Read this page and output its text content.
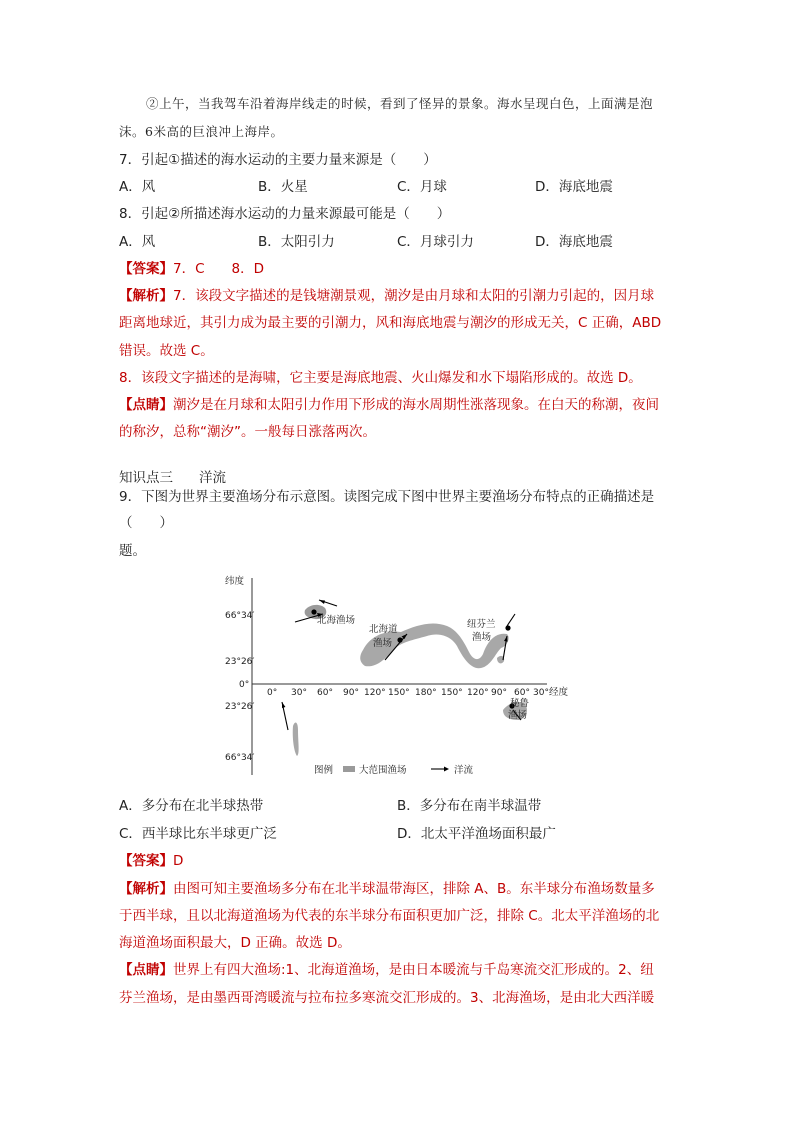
②上午，当我驾车沿着海岸线走的时候，看到了怪异的景象。海水呈现白色，上面满是泡
沫。6米高的巨浪冲上海岸。
7．引起①描述的海水运动的主要力量来源是（　　）
A．风	B．火星	C．月球	D．海底地震
8．引起②所描述海水运动的力量来源最可能是（　　）
A．风	B．太阳引力	C．月球引力	D．海底地震
【答案】7．C　　8．D
【解析】7．该段文字描述的是钱塘潮景观，潮汐是由月球和太阳的引潮力引起的，因月球
距离地球近，其引力成为最主要的引潮力，风和海底地震与潮汐的形成无关，C 正确，ABD
错误。故选 C。
8．该段文字描述的是海啸，它主要是海底地震、火山爆发和水下塌陷形成的。故选 D。
【点睛】潮汐是在月球和太阳引力作用下形成的海水周期性涨落现象。在白天的称潮，夜间
的称汐，总称“潮汐”。一般每日涨落两次。
知识点三 洋流
9．下图为世界主要渔场分布示意图。读图完成下图中世界主要渔场分布特点的正确描述是
（　　）
题。
纬度
经度
66°34′
23°26′
0°
23°26′
66°34′
0° 30° 60° 90° 120° 150° 180° 150° 120° 90° 60° 30°
北海渔场
北海道
渔场
纽芬兰
渔场
秘鲁
渔场
图例	大范围渔场	洋流
A．多分布在北半球热带	B．多分布在南半球温带
C．西半球比东半球更广泛	D．北太平洋渔场面积最广
【答案】D
【解析】由图可知主要渔场多分布在北半球温带海区，排除 A、B。东半球分布渔场数量多
于西半球，且以北海道渔场为代表的东半球分布面积更加广泛，排除 C。北太平洋渔场的北
海道渔场面积最大，D 正确。故选 D。
【点睛】世界上有四大渔场:1、北海道渔场，是由日本暖流与千岛寒流交汇形成的。2、纽
芬兰渔场，是由墨西哥湾暖流与拉布拉多寒流交汇形成的。3、北海渔场，是由北大西洋暖
